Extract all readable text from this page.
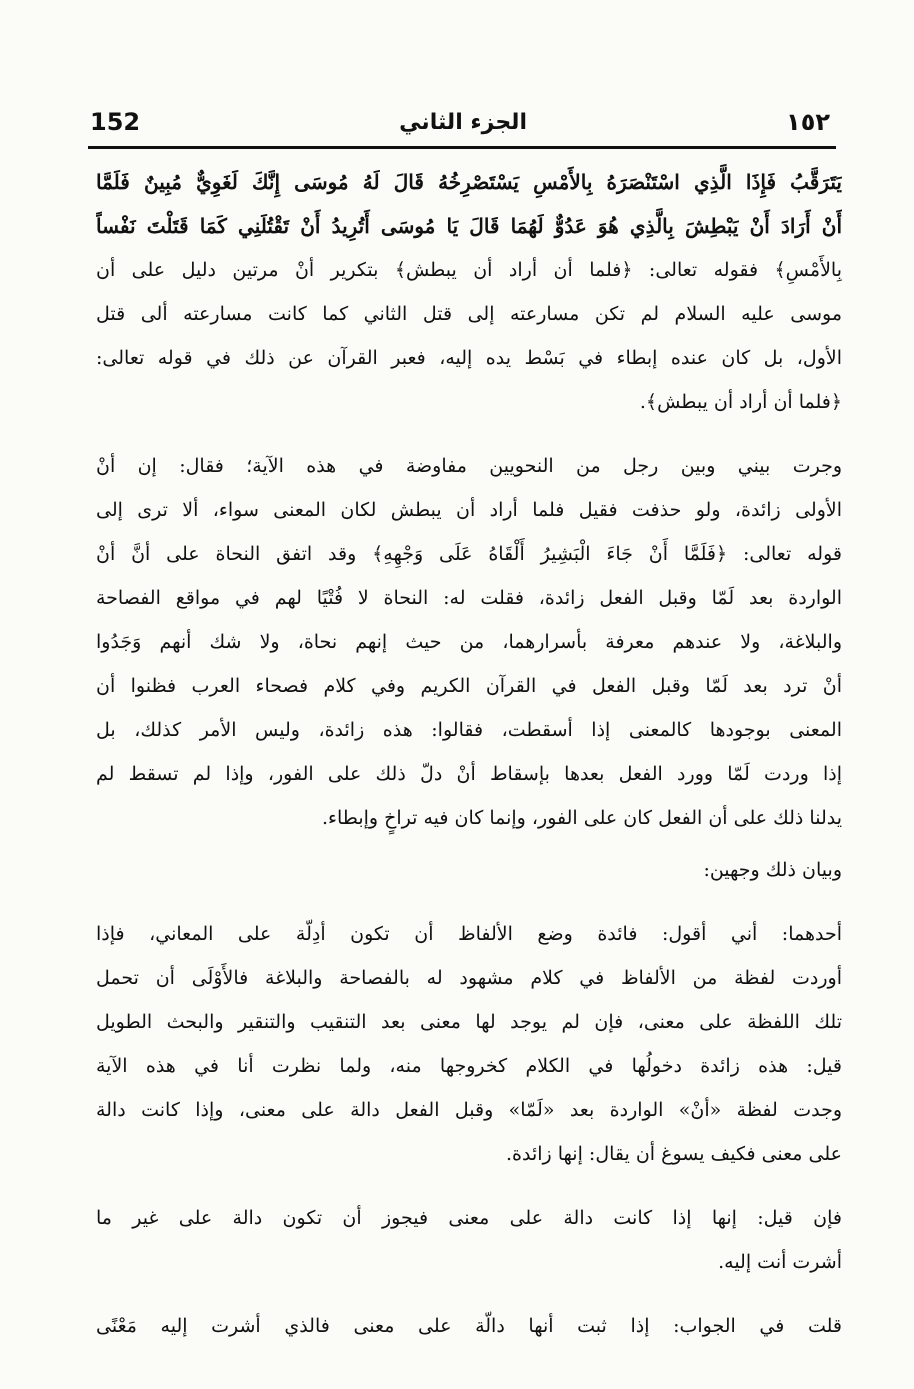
152	الجزء الثاني	١٥٢
يَتَرَقَّبُ فَإِذَا الَّذِي اسْتَنْصَرَهُ بِالأَمْسِ يَسْتَصْرِخُهُ قَالَ لَهُ مُوسَى إِنَّكَ لَغَوِيٌّ مُبِينٌ فَلَمَّا
أَنْ أَرَادَ أَنْ يَبْطِشَ بِالَّذِي هُوَ عَدُوٌّ لَهُمَا قَالَ يَا مُوسَى أَتُرِيدُ أَنْ تَقْتُلَنِي كَمَا قَتَلْتَ نَفْساً
بِالأَمْسِ﴾ فقوله تعالى: ﴿فلما أن أراد أن يبطش﴾ بتكرير أنْ مرتين دليل على أن
موسى عليه السلام لم تكن مسارعته إلى قتل الثاني كما كانت مسارعته ألى قتل
الأول، بل كان عنده إبطاء في بَسْط يده إليه، فعبر القرآن عن ذلك في قوله تعالى:
﴿فلما أن أراد أن يبطش﴾.
وجرت بيني وبين رجل من النحويين مفاوضة في هذه الآية؛ فقال: إن أنْ
الأولى زائدة، ولو حذفت فقيل فلما أراد أن يبطش لكان المعنى سواء، ألا ترى إلى
قوله تعالى: ﴿فَلَمَّا أَنْ جَاءَ الْبَشِيرُ أَلْقَاهُ عَلَى وَجْهِهِ﴾ وقد اتفق النحاة على أنَّ أنْ
الواردة بعد لَمّا وقبل الفعل زائدة، فقلت له: النحاة لا فُتْيًا لهم في مواقع الفصاحة
والبلاغة، ولا عندهم معرفة بأسرارهما، من حيث إنهم نحاة، ولا شك أنهم وَجَدُوا
أنْ ترد بعد لَمّا وقبل الفعل في القرآن الكريم وفي كلام فصحاء العرب فظنوا أن
المعنى بوجودها كالمعنى إذا أسقطت، فقالوا: هذه زائدة، وليس الأمر كذلك، بل
إذا وردت لَمّا وورد الفعل بعدها بإسقاط أنْ دلّ ذلك على الفور، وإذا لم تسقط لم
يدلنا ذلك على أن الفعل كان على الفور، وإنما كان فيه تراخٍ وإبطاء.
وبيان ذلك وجهين:
أحدهما: أني أقول: فائدة وضع الألفاظ أن تكون أدِلّة على المعاني، فإذا
أوردت لفظة من الألفاظ في كلام مشهود له بالفصاحة والبلاغة فالأَوْلَى أن تحمل
تلك اللفظة على معنى، فإن لم يوجد لها معنى بعد التنقيب والتنقير والبحث الطويل
قيل: هذه زائدة دخولُها في الكلام كخروجها منه، ولما نظرت أنا في هذه الآية
وجدت لفظة «أنْ» الواردة بعد «لَمّا» وقبل الفعل دالة على معنى، وإذا كانت دالة
على معنى فكيف يسوغ أن يقال: إنها زائدة.
فإن قيل: إنها إذا كانت دالة على معنى فيجوز أن تكون دالة على غير ما
أشرت أنت إليه.
قلت في الجواب: إذا ثبت أنها دالّة على معنى فالذي أشرت إليه مَعْنًى
